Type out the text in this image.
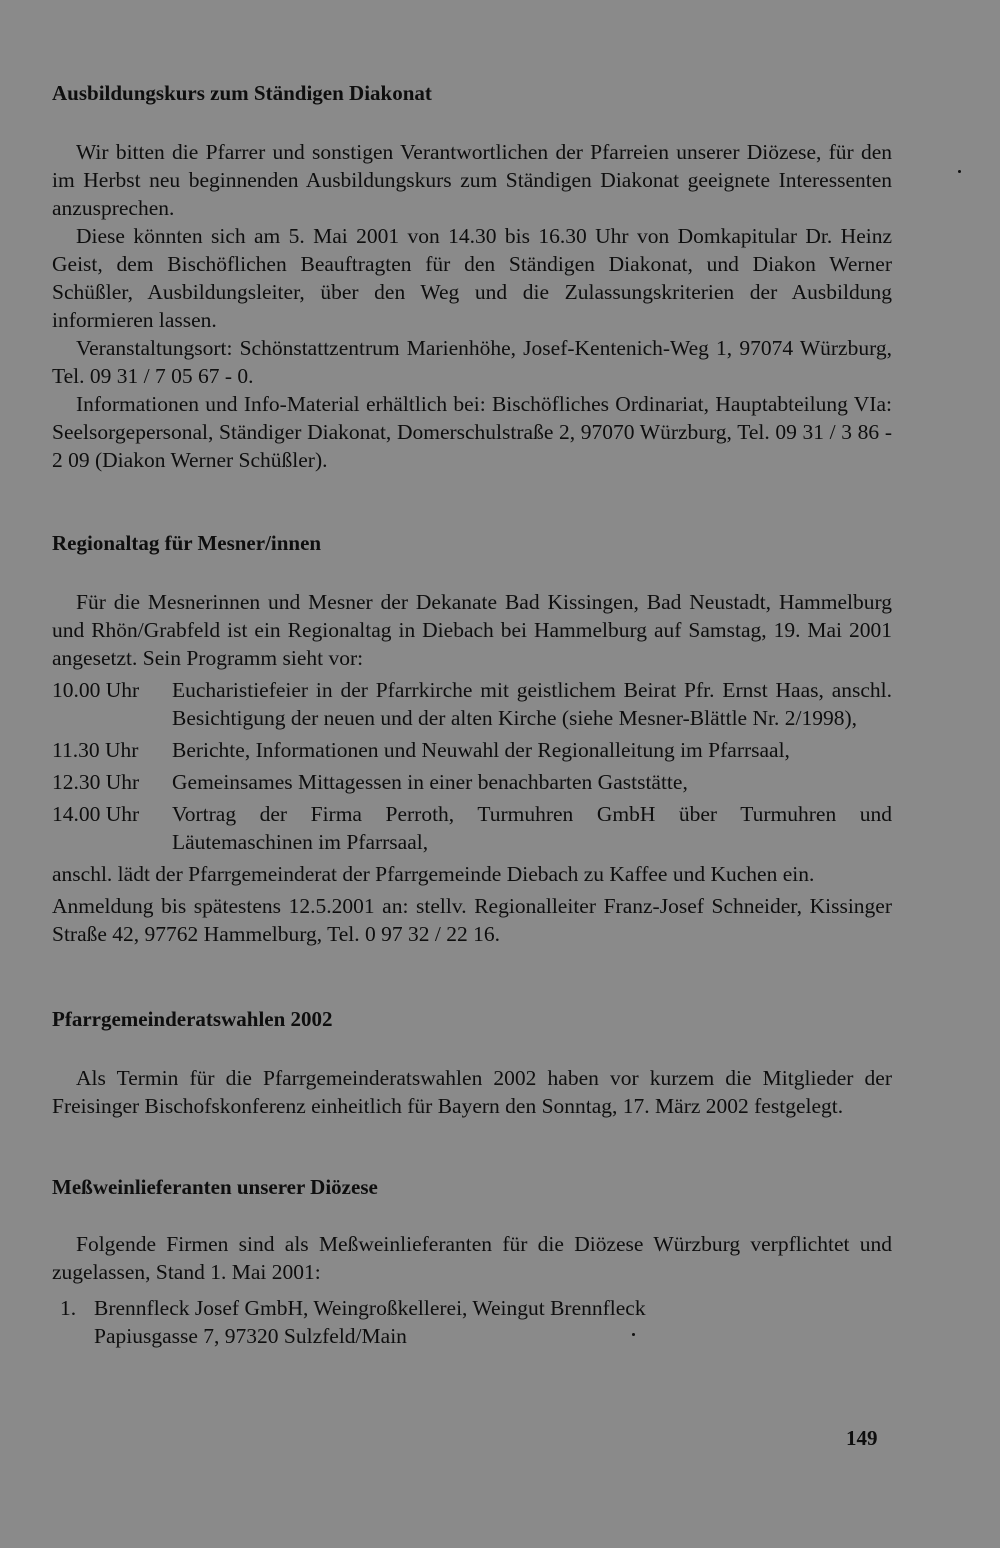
Ausbildungskurs zum Ständigen Diakonat

Wir bitten die Pfarrer und sonstigen Verantwortlichen der Pfarreien unserer Diözese, für den im Herbst neu beginnenden Ausbildungskurs zum Ständigen Diakonat geeignete Interessenten anzusprechen.

Diese könnten sich am 5. Mai 2001 von 14.30 bis 16.30 Uhr von Domkapitular Dr. Heinz Geist, dem Bischöflichen Beauftragten für den Ständigen Diakonat, und Diakon Werner Schüßler, Ausbildungsleiter, über den Weg und die Zulassungskriterien der Ausbildung informieren lassen.

Veranstaltungsort: Schönstattzentrum Marienhöhe, Josef-Kentenich-Weg 1, 97074 Würzburg, Tel. 09 31 / 7 05 67 - 0.

Informationen und Info-Material erhältlich bei: Bischöfliches Ordinariat, Hauptabteilung VIa: Seelsorgepersonal, Ständiger Diakonat, Domerschulstraße 2, 97070 Würzburg, Tel. 09 31 / 3 86 - 2 09 (Diakon Werner Schüßler).

Regionaltag für Mesner/innen

Für die Mesnerinnen und Mesner der Dekanate Bad Kissingen, Bad Neustadt, Hammelburg und Rhön/Grabfeld ist ein Regionaltag in Diebach bei Hammelburg auf Samstag, 19. Mai 2001 angesetzt. Sein Programm sieht vor:

10.00 Uhr	Eucharistiefeier in der Pfarrkirche mit geistlichem Beirat Pfr. Ernst Haas, anschl. Besichtigung der neuen und der alten Kirche (siehe Mesner-Blättle Nr. 2/1998),
11.30 Uhr	Berichte, Informationen und Neuwahl der Regionalleitung im Pfarrsaal,
12.30 Uhr	Gemeinsames Mittagessen in einer benachbarten Gaststätte,
14.00 Uhr	Vortrag der Firma Perroth, Turmuhren GmbH über Turmuhren und Läutemaschinen im Pfarrsaal,

anschl. lädt der Pfarrgemeinderat der Pfarrgemeinde Diebach zu Kaffee und Kuchen ein.

Anmeldung bis spätestens 12.5.2001 an: stellv. Regionalleiter Franz-Josef Schneider, Kissinger Straße 42, 97762 Hammelburg, Tel. 0 97 32 / 22 16.

Pfarrgemeinderatswahlen 2002

Als Termin für die Pfarrgemeinderatswahlen 2002 haben vor kurzem die Mitglieder der Freisinger Bischofskonferenz einheitlich für Bayern den Sonntag, 17. März 2002 festgelegt.

Meßweinlieferanten unserer Diözese

Folgende Firmen sind als Meßweinlieferanten für die Diözese Würzburg verpflichtet und zugelassen, Stand 1. Mai 2001:

1. Brennfleck Josef GmbH, Weingroßkellerei, Weingut Brennfleck
Papiusgasse 7, 97320 Sulzfeld/Main
149
